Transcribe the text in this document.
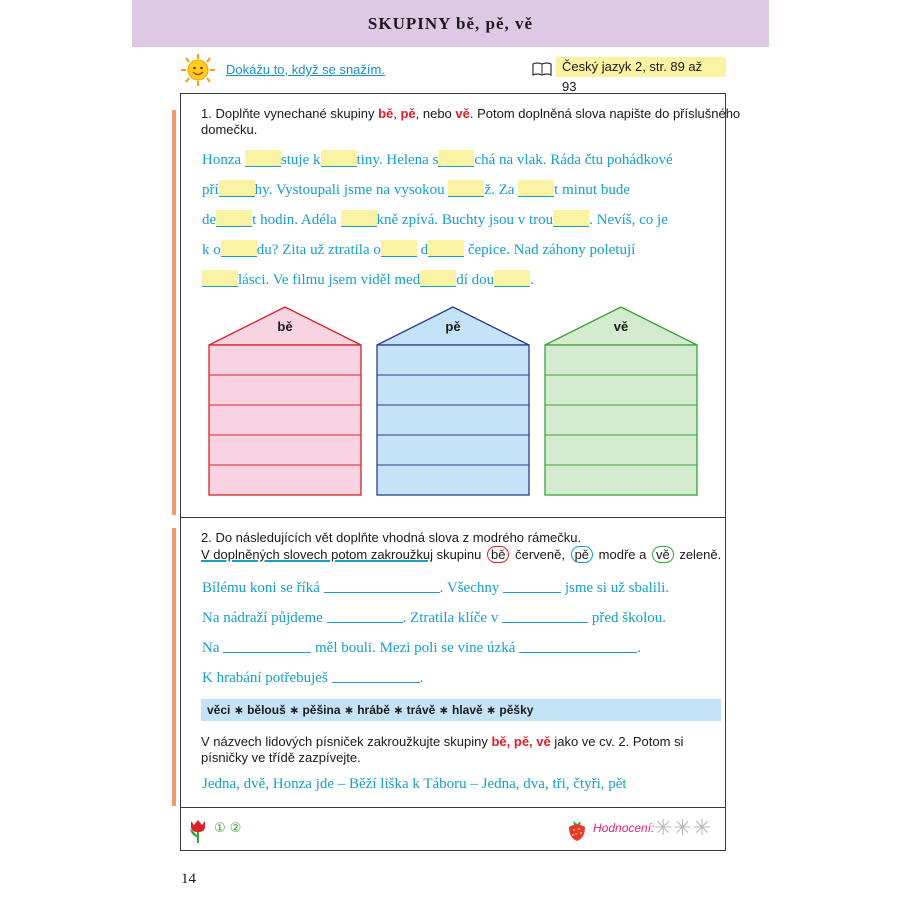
SKUPINY bě, pě, vě
Dokážu to, když se snažím.	Český jazyk 2, str. 89 až 93
1. Doplňte vynechané skupiny bě, pě, nebo vě. Potom doplněná slova napište do příslušného
domečku.
Honza stuje k tiny. Helena s chá na vlak. Ráda čtu pohádkové
pří hy. Vystoupali jsme na vysokou ž. Za t minut bude
de t hodin. Adéla kně zpívá. Buchty jsou v trou . Nevíš, co je
k o du? Zita už ztratila o d čepice. Nad záhony poletují
lásci. Ve filmu jsem viděl med dí dou .
bě	pě	vě
2. Do následujících vět doplňte vhodná slova z modrého rámečku.
V doplněných slovech potom zakroužkuj skupinu bě červeně, pě modře a vě zeleně.
Bílému koni se říká	. Všechny	jsme si už sbalili.
Na nádraží půjdeme	. Ztratila klíče v	před školou.
Na	měl bouli. Mezi poli se vine úzká	.
K hrabání potřebuješ	.
věci ∗ bělouš ∗ pěšina ∗ hrábě ∗ trávě ∗ hlavě ∗ pěšky
V názvech lidových písniček zakroužkujte skupiny bě, pě, vě jako ve cv. 2. Potom si
písničky ve třídě zazpívejte.
Jedna, dvě, Honza jde – Běží liška k Táboru – Jedna, dva, tři, čtyři, pět
① ②	Hodnocení: ✳✳✳
14
